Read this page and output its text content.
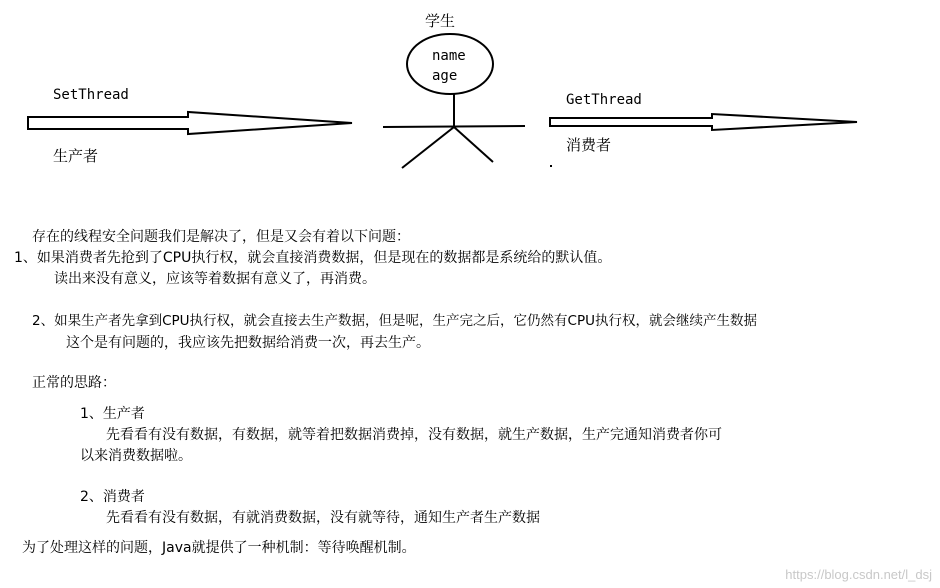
SetThread
生产者
学生
name
age
GetThread
消费者
存在的线程安全问题我们是解决了，但是又会有着以下问题：
1、如果消费者先抢到了CPU执行权，就会直接消费数据，但是现在的数据都是系统给的默认值。
读出来没有意义，应该等着数据有意义了，再消费。
2、如果生产者先拿到CPU执行权，就会直接去生产数据，但是呢，生产完之后，它仍然有CPU执行权，就会继续产生数据
这个是有问题的，我应该先把数据给消费一次，再去生产。
正常的思路：
1、生产者
先看看有没有数据，有数据，就等着把数据消费掉，没有数据，就生产数据，生产完通知消费者你可
以来消费数据啦。
2、消费者
先看看有没有数据，有就消费数据，没有就等待，通知生产者生产数据
为了处理这样的问题，Java就提供了一种机制：等待唤醒机制。
https://blog.csdn.net/l_dsj
